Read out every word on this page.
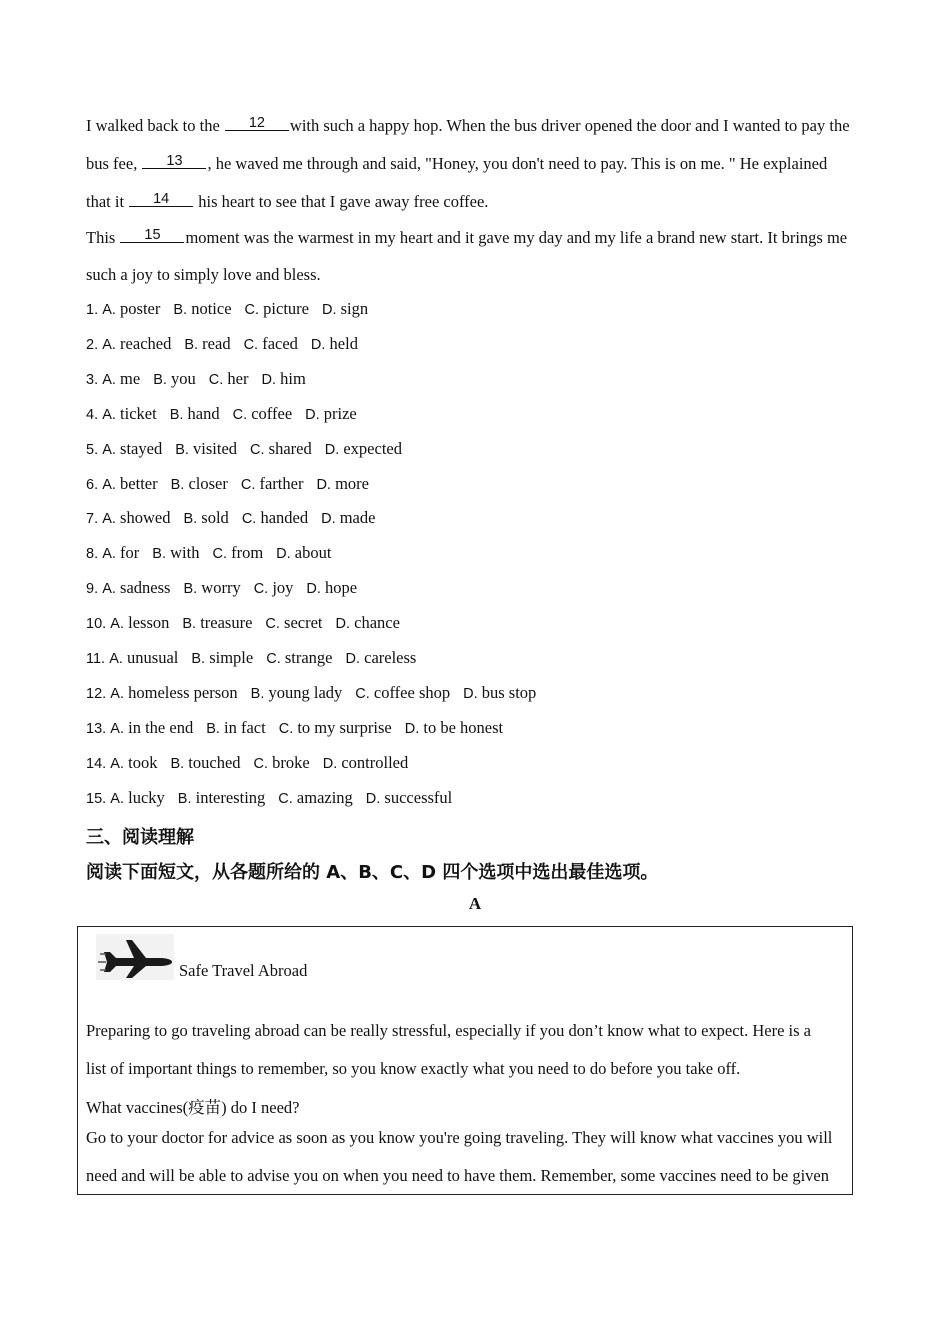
I walked back to the 12 with such a happy hop. When the bus driver opened the door and I wanted to pay the
bus fee, 13 , he waved me through and said, "Honey, you don't need to pay. This is on me. " He explained
that it 14 his heart to see that I gave away free coffee.
This 15 moment was the warmest in my heart and it gave my day and my life a brand new start. It brings me
such a joy to simply love and bless.
1. A. poster B. notice C. picture D. sign
2. A. reached B. read C. faced D. held
3. A. me B. you C. her D. him
4. A. ticket B. hand C. coffee D. prize
5. A. stayed B. visited C. shared D. expected
6. A. better B. closer C. farther D. more
7. A. showed B. sold C. handed D. made
8. A. for B. with C. from D. about
9. A. sadness B. worry C. joy D. hope
10. A. lesson B. treasure C. secret D. chance
11. A. unusual B. simple C. strange D. careless
12. A. homeless person B. young lady C. coffee shop D. bus stop
13. A. in the end B. in fact C. to my surprise D. to be honest
14. A. took B. touched C. broke D. controlled
15. A. lucky B. interesting C. amazing D. successful
三、阅读理解
阅读下面短文，从各题所给的 A、B、C、D 四个选项中选出最佳选项。
A
Safe Travel Abroad
Preparing to go traveling abroad can be really stressful, especially if you don’t know what to expect. Here is a
list of important things to remember, so you know exactly what you need to do before you take off.
What vaccines(疫苗) do I need?
Go to your doctor for advice as soon as you know you're going traveling. They will know what vaccines you will
need and will be able to advise you on when you need to have them. Remember, some vaccines need to be given
